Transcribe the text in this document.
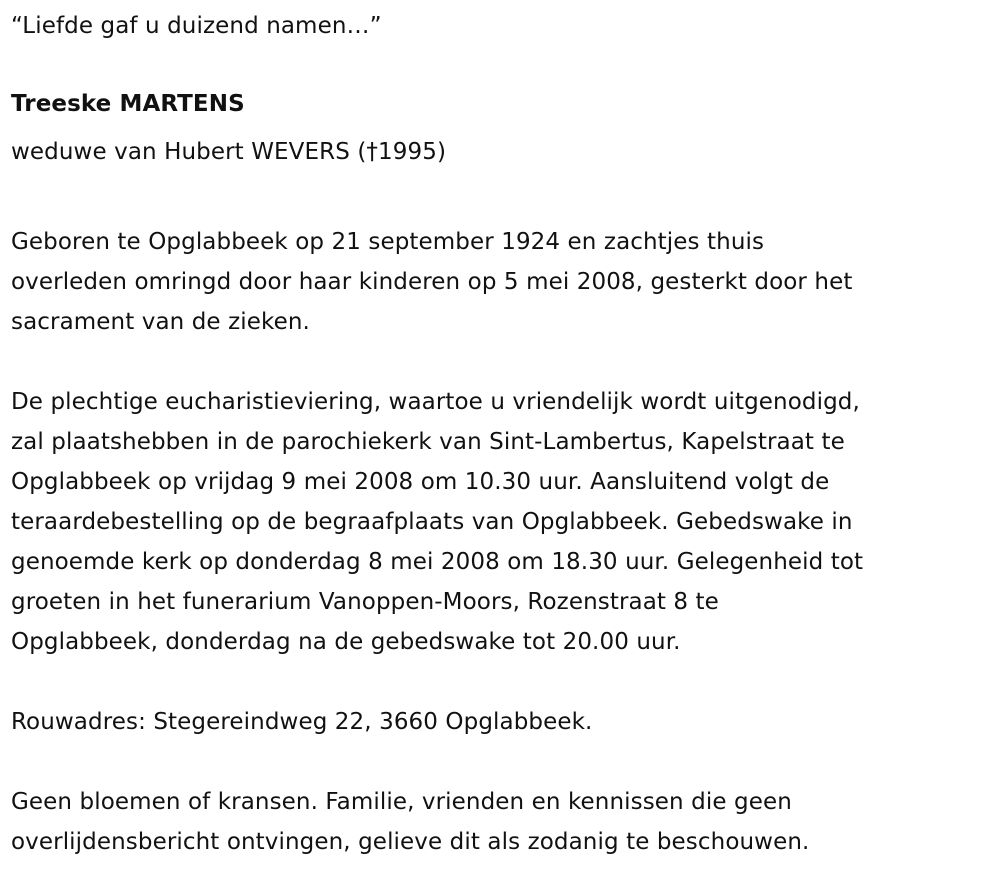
“Liefde gaf u duizend namen…”
Treeske MARTENS
weduwe van Hubert WEVERS (†1995)
Geboren te Opglabbeek op 21 september 1924 en zachtjes thuis
overleden omringd door haar kinderen op 5 mei 2008, gesterkt door het
sacrament van de zieken.
De plechtige eucharistieviering, waartoe u vriendelijk wordt uitgenodigd,
zal plaatshebben in de parochiekerk van Sint-Lambertus, Kapelstraat te
Opglabbeek op vrijdag 9 mei 2008 om 10.30 uur. Aansluitend volgt de
teraardebestelling op de begraafplaats van Opglabbeek. Gebedswake in
genoemde kerk op donderdag 8 mei 2008 om 18.30 uur. Gelegenheid tot
groeten in het funerarium Vanoppen-Moors, Rozenstraat 8 te
Opglabbeek, donderdag na de gebedswake tot 20.00 uur.
Rouwadres: Stegereindweg 22, 3660 Opglabbeek.
Geen bloemen of kransen. Familie, vrienden en kennissen die geen
overlijdensbericht ontvingen, gelieve dit als zodanig te beschouwen.
